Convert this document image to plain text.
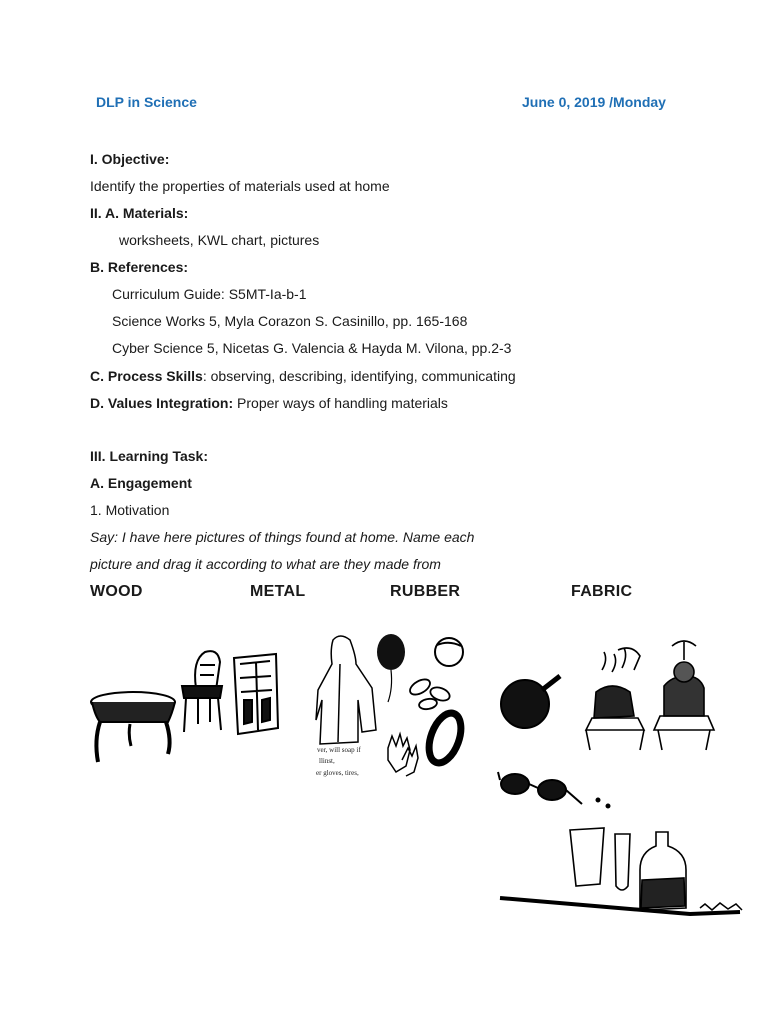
DLP in Science	June 0, 2019 /Monday
I. Objective:
Identify the properties of materials used at home
II. A. Materials:
worksheets, KWL chart, pictures
B. References:
Curriculum Guide: S5MT-Ia-b-1
Science Works 5, Myla Corazon S. Casinillo, pp. 165-168
Cyber Science 5, Nicetas G. Valencia & Hayda M. Vilona, pp.2-3
C. Process Skills: observing, describing, identifying, communicating
D. Values Integration: Proper ways of handling materials
III. Learning Task:
A. Engagement
1. Motivation
Say: I have here pictures of things found at home. Name each
picture and drag it according to what are they made from
WOOD	METAL	RUBBER	FABRIC
ver, will soap if
llinst,
er gloves, tires,
